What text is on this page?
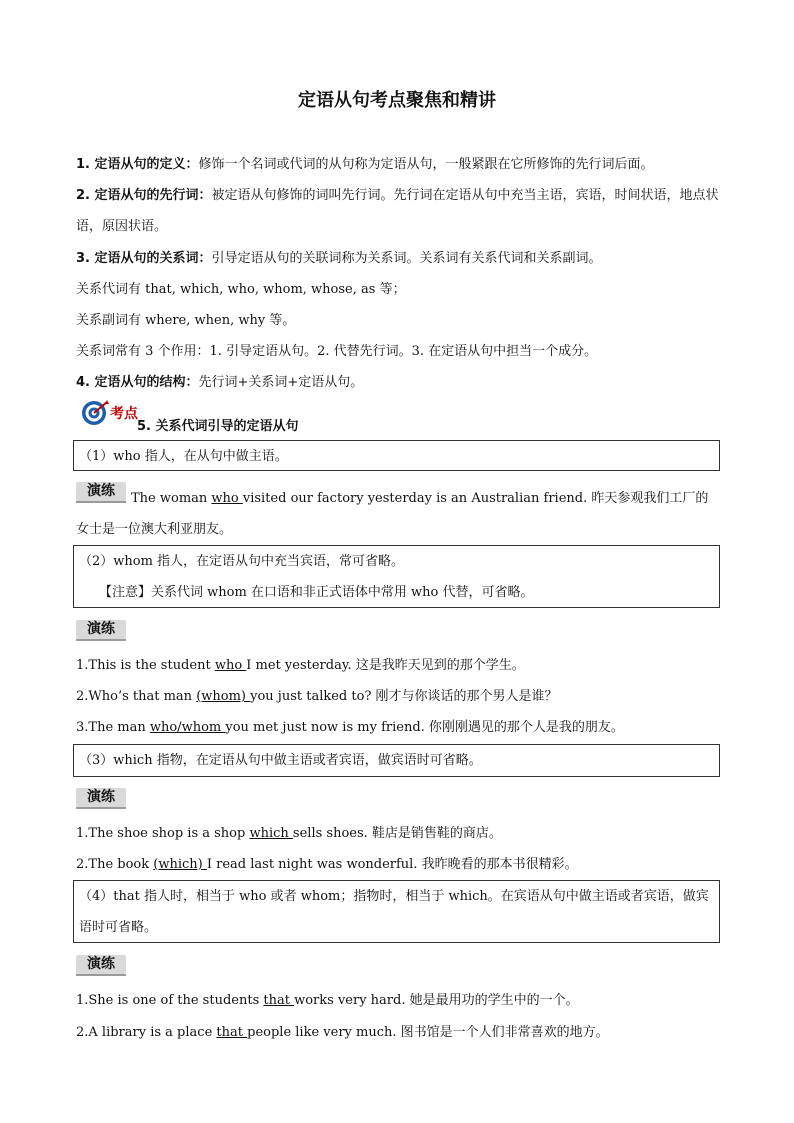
定语从句考点聚焦和精讲
1. 定语从句的定义：修饰一个名词或代词的从句称为定语从句，一般紧跟在它所修饰的先行词后面。
2. 定语从句的先行词：被定语从句修饰的词叫先行词。先行词在定语从句中充当主语，宾语，时间状语，地点状语，原因状语。
3. 定语从句的关系词：引导定语从句的关联词称为关系词。关系词有关系代词和关系副词。
关系代词有 that, which, who, whom, whose, as 等；
关系副词有 where, when, why 等。
关系词常有 3 个作用：1. 引导定语从句。2. 代替先行词。3. 在定语从句中担当一个成分。
4. 定语从句的结构：先行词+关系词+定语从句。
考点
5. 关系代词引导的定语从句
（1）who 指人，在从句中做主语。
演练	The woman who visited our factory yesterday is an Australian friend. 昨天参观我们工厂的女士是一位澳大利亚朋友。
（2）whom 指人，在定语从句中充当宾语，常可省略。
【注意】关系代词 whom 在口语和非正式语体中常用 who 代替，可省略。
演练
1.This is the student who I met yesterday. 这是我昨天见到的那个学生。
2.Who’s that man (whom) you just talked to? 刚才与你谈话的那个男人是谁？
3.The man who/whom you met just now is my friend. 你刚刚遇见的那个人是我的朋友。
（3）which 指物，在定语从句中做主语或者宾语，做宾语时可省略。
演练
1.The shoe shop is a shop which sells shoes. 鞋店是销售鞋的商店。
2.The book (which) I read last night was wonderful. 我昨晚看的那本书很精彩。
（4）that 指人时，相当于 who 或者 whom；指物时，相当于 which。在宾语从句中做主语或者宾语，做宾语时可省略。
演练
1.She is one of the students that works very hard. 她是最用功的学生中的一个。
2.A library is a place that people like very much. 图书馆是一个人们非常喜欢的地方。
